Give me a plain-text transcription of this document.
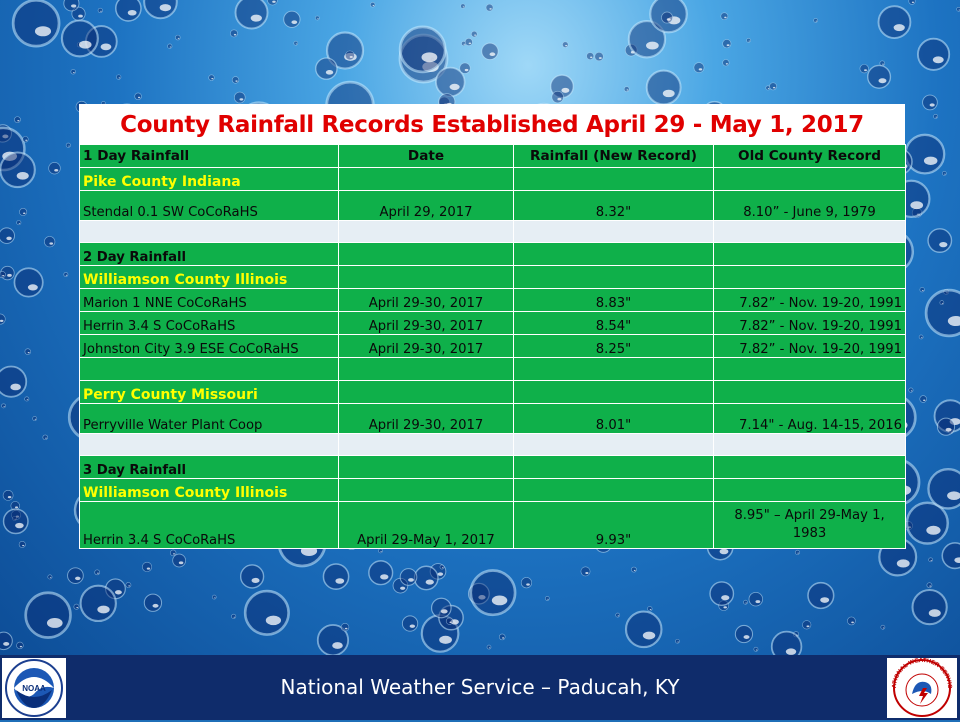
County Rainfall Records Established April 29 - May 1, 2017
1 Day Rainfall	Date	Rainfall (New Record)	Old County Record
Pike County Indiana			
Stendal 0.1 SW CoCoRaHS	April 29, 2017	8.32"	8.10” - June 9, 1979

2 Day Rainfall			
Williamson County Illinois			
Marion 1 NNE CoCoRaHS	April 29-30, 2017	8.83"	7.82” - Nov. 19-20, 1991
Herrin 3.4 S CoCoRaHS	April 29-30, 2017	8.54"	7.82” - Nov. 19-20, 1991
Johnston City 3.9 ESE CoCoRaHS	April 29-30, 2017	8.25"	7.82” - Nov. 19-20, 1991

Perry County Missouri			
Perryville Water Plant Coop	April 29-30, 2017	8.01"	7.14" - Aug. 14-15, 2016

3 Day Rainfall			
Williamson County Illinois			
Herrin 3.4 S CoCoRaHS	April 29-May 1, 2017	9.93"	8.95" – April 29-May 1, 1983
National Weather Service – Paducah, KY
NOAA	ATIONAL WEATHER SERVIC
